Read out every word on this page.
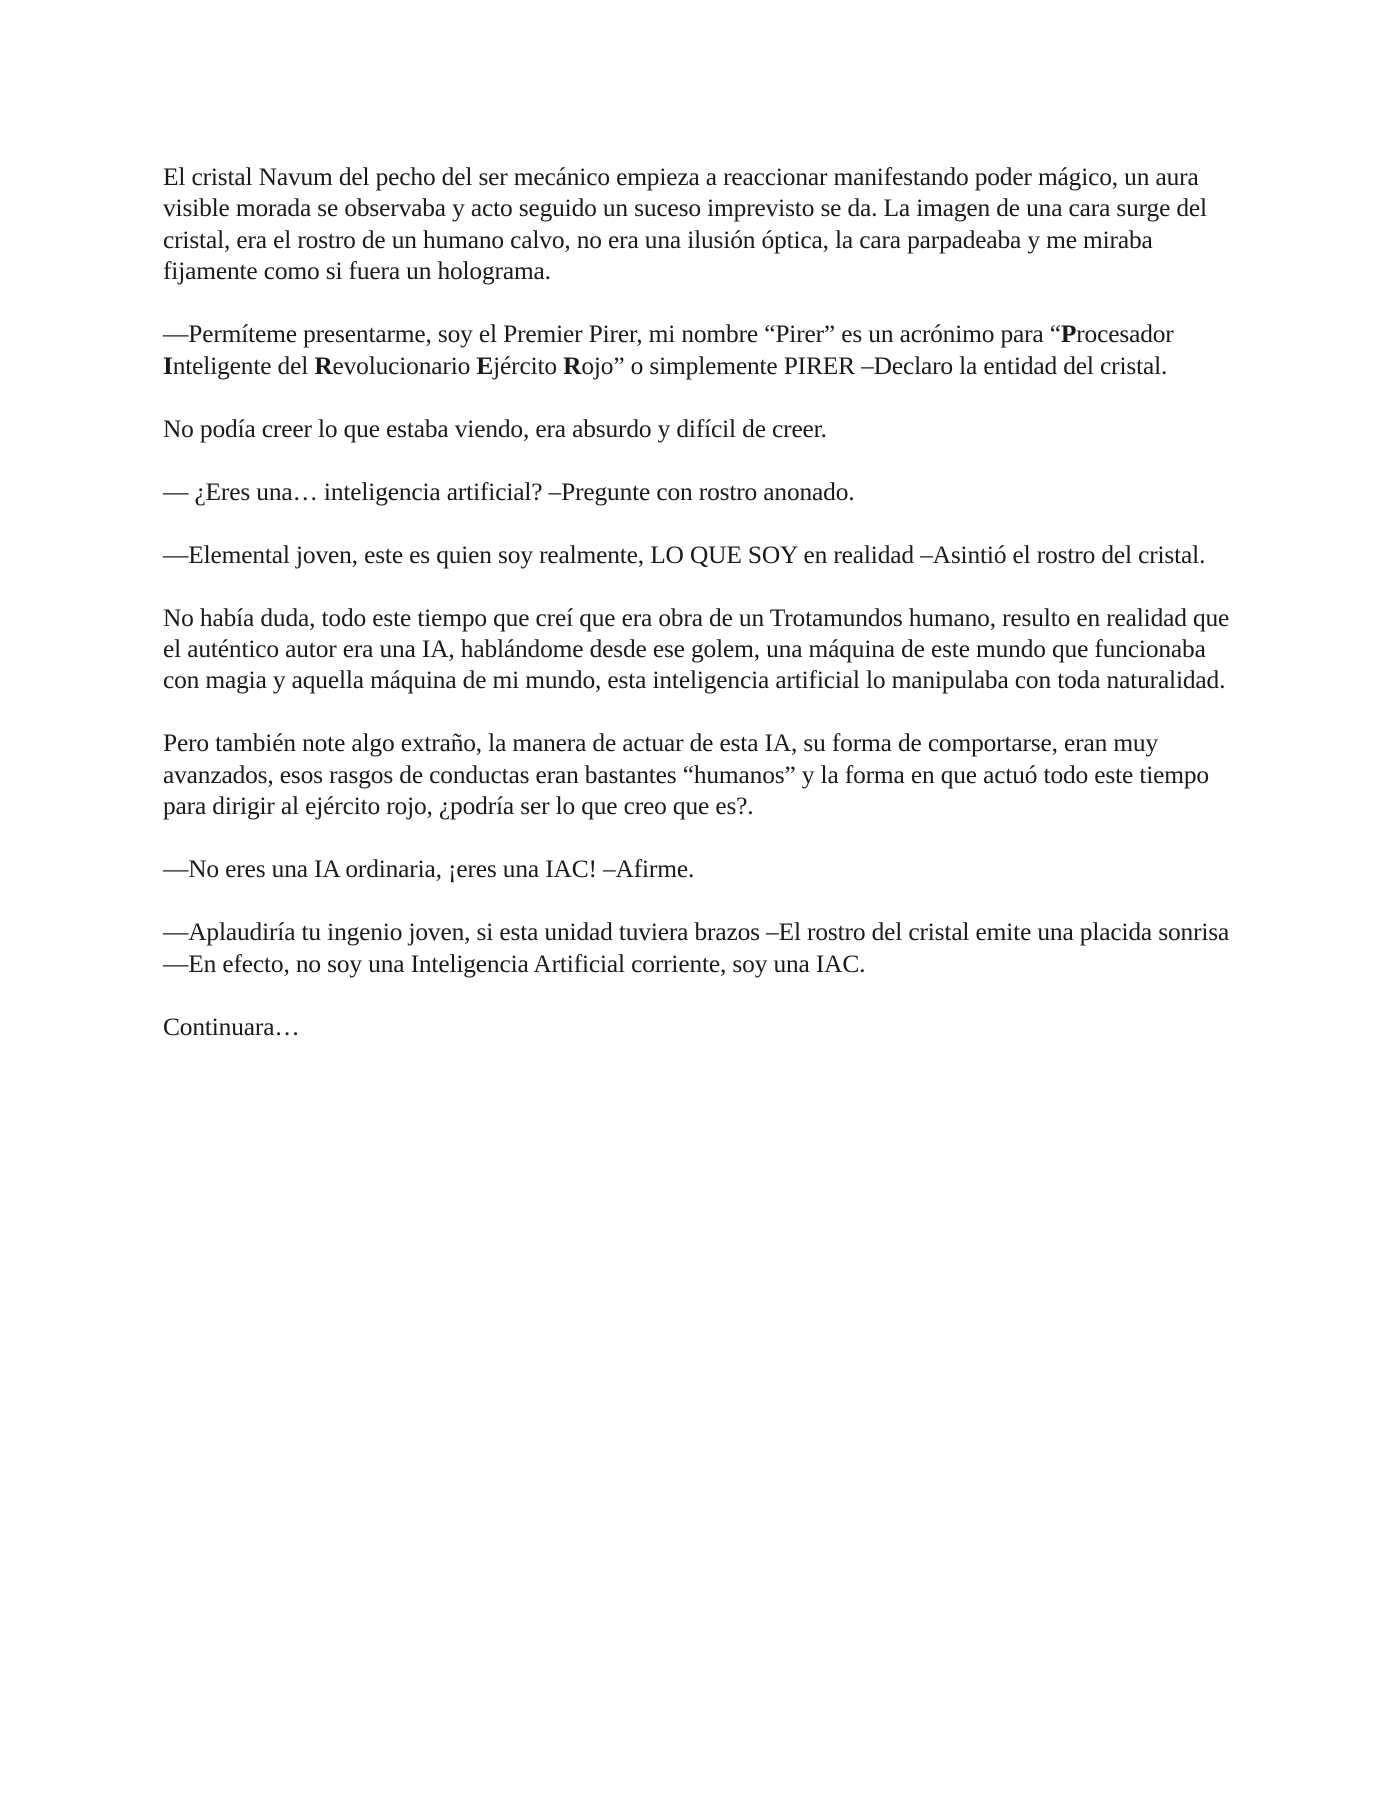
El cristal Navum del pecho del ser mecánico empieza a reaccionar manifestando poder mágico, un aura visible morada se observaba y acto seguido un suceso imprevisto se da. La imagen de una cara surge del cristal, era el rostro de un humano calvo, no era una ilusión óptica, la cara parpadeaba y me miraba fijamente como si fuera un holograma.

—Permíteme presentarme, soy el Premier Pirer, mi nombre “Pirer” es un acrónimo para “Procesador Inteligente del Revolucionario Ejército Rojo” o simplemente PIRER –Declaro la entidad del cristal.

No podía creer lo que estaba viendo, era absurdo y difícil de creer.

— ¿Eres una… inteligencia artificial? –Pregunte con rostro anonado.

—Elemental joven, este es quien soy realmente, LO QUE SOY en realidad –Asintió el rostro del cristal.

No había duda, todo este tiempo que creí que era obra de un Trotamundos humano, resulto en realidad que el auténtico autor era una IA, hablándome desde ese golem, una máquina de este mundo que funcionaba con magia y aquella máquina de mi mundo, esta inteligencia artificial lo manipulaba con toda naturalidad.

Pero también note algo extraño, la manera de actuar de esta IA, su forma de comportarse, eran muy avanzados, esos rasgos de conductas eran bastantes “humanos” y la forma en que actuó todo este tiempo para dirigir al ejército rojo, ¿podría ser lo que creo que es?.

—No eres una IA ordinaria, ¡eres una IAC! –Afirme.

—Aplaudiría tu ingenio joven, si esta unidad tuviera brazos –El rostro del cristal emite una placida sonrisa —En efecto, no soy una Inteligencia Artificial corriente, soy una IAC.

Continuara…
